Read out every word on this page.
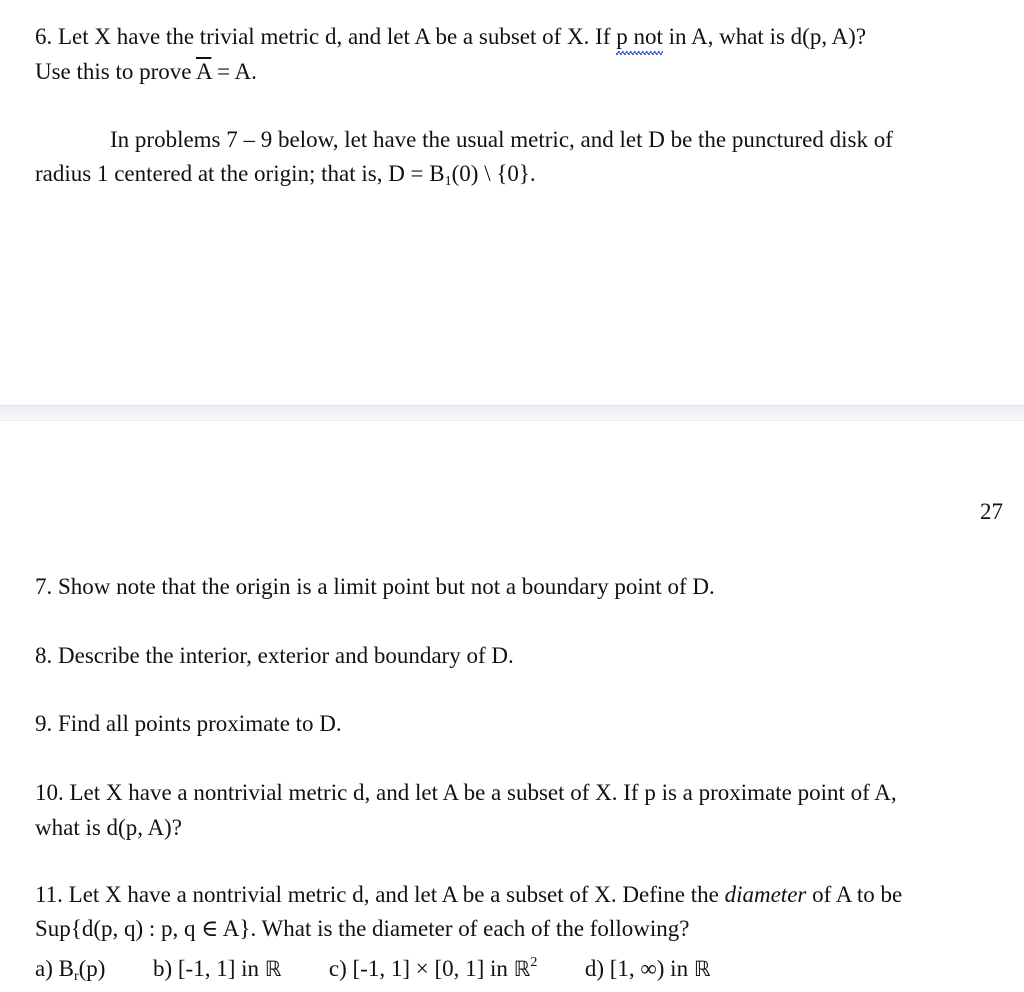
6. Let X have the trivial metric d, and let A be a subset of X. If p not in A, what is d(p, A)?
Use this to prove $\overline{A} = A$.
In problems 7 – 9 below, let have the usual metric, and let D be the punctured disk of
radius 1 centered at the origin; that is, $D = B_1(0)$ \ {0}.
27
7. Show note that the origin is a limit point but not a boundary point of D.
8. Describe the interior, exterior and boundary of D.
9. Find all points proximate to D.
10. Let X have a nontrivial metric d, and let A be a subset of X. If p is a proximate point of A,
what is d(p, A)?
11. Let X have a nontrivial metric d, and let A be a subset of X. Define the diameter of A to be
Sup{d(p, q) : p, q ∈ A}. What is the diameter of each of the following?
a) $B_r(p)$ b) [-1, 1] in ℝ c) [-1, 1] × [0, 1] in ℝ$^2$ d) [1, ∞) in ℝ
